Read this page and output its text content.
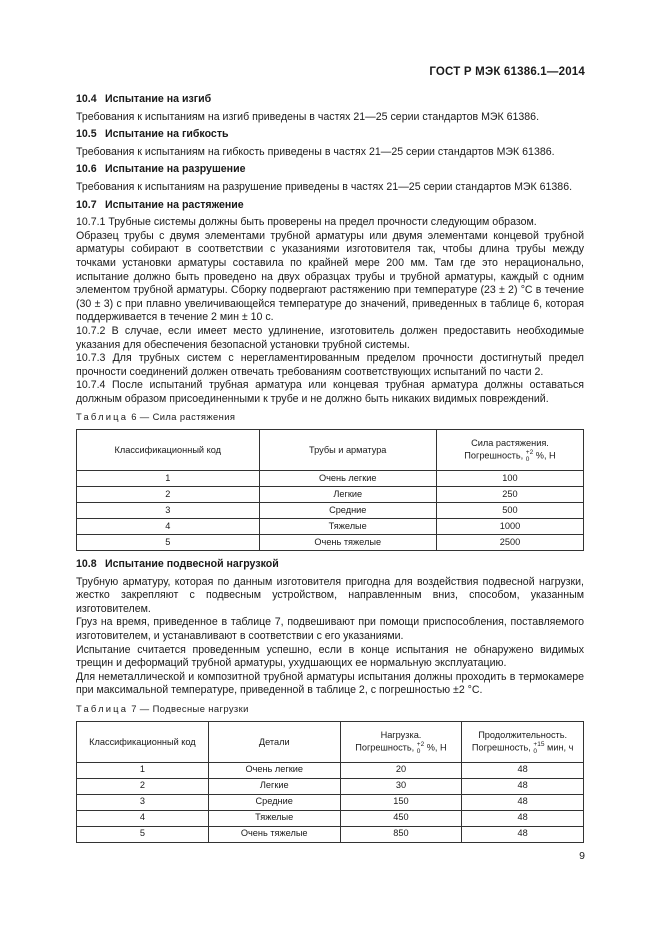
ГОСТ Р МЭК 61386.1—2014

10.4 Испытание на изгиб

Требования к испытаниям на изгиб приведены в частях 21—25 серии стандартов МЭК 61386.

10.5 Испытание на гибкость

Требования к испытаниям на гибкость приведены в частях 21—25 серии стандартов МЭК 61386.

10.6 Испытание на разрушение

Требования к испытаниям на разрушение приведены в частях 21—25 серии стандартов МЭК 61386.

10.7 Испытание на растяжение

10.7.1 Трубные системы должны быть проверены на предел прочности следующим образом.

Образец трубы с двумя элементами трубной арматуры или двумя элементами концевой трубной арматуры собирают в соответствии с указаниями изготовителя так, чтобы длина трубы между точками установки арматуры составила по крайней мере 200 мм. Там где это нерационально, испытание должно быть проведено на двух образцах трубы и трубной арматуры, каждый с одним элементом трубной арматуры. Сборку подвергают растяжению при температуре (23 ± 2) °С в течение (30 ± 3) с при плавно увеличивающейся температуре до значений, приведенных в таблице 6, которая поддерживается в течение 2 мин ± 10 с.

10.7.2 В случае, если имеет место удлинение, изготовитель должен предоставить необходимые указания для обеспечения безопасной установки трубной системы.

10.7.3 Для трубных систем с нерегламентированным пределом прочности достигнутый предел прочности соединений должен отвечать требованиям соответствующих испытаний по части 2.

10.7.4 После испытаний трубная арматура или концевая трубная арматура должны оставаться должным образом присоединенными к трубе и не должно быть никаких видимых повреждений.

Таблица 6 — Сила растяжения

Классификационный код	Трубы и арматура	Сила растяжения.
Погрешность, +2
0 %, Н
1	Очень легкие	100
2	Легкие	250
3	Средние	500
4	Тяжелые	1000
5	Очень тяжелые	2500

10.8 Испытание подвесной нагрузкой

Трубную арматуру, которая по данным изготовителя пригодна для воздействия подвесной нагрузки, жестко закрепляют с подвесным устройством, направленным вниз, способом, указанным изготовителем.

Груз на время, приведенное в таблице 7, подвешивают при помощи приспособления, поставляемого изготовителем, и устанавливают в соответствии с его указаниями.

Испытание считается проведенным успешно, если в конце испытания не обнаружено видимых трещин и деформаций трубной арматуры, ухудшающих ее нормальную эксплуатацию.

Для неметаллической и композитной трубной арматуры испытания должны проходить в термокамере при максимальной температуре, приведенной в таблице 2, с погрешностью ±2 °С.

Таблица 7 — Подвесные нагрузки

Классификационный код	Детали	Нагрузка.
Погрешность, +2
0 %, Н	Продолжительность.
Погрешность, +15
0 мин, ч
1	Очень легкие	20	48
2	Легкие	30	48
3	Средние	150	48
4	Тяжелые	450	48
5	Очень тяжелые	850	48
9
